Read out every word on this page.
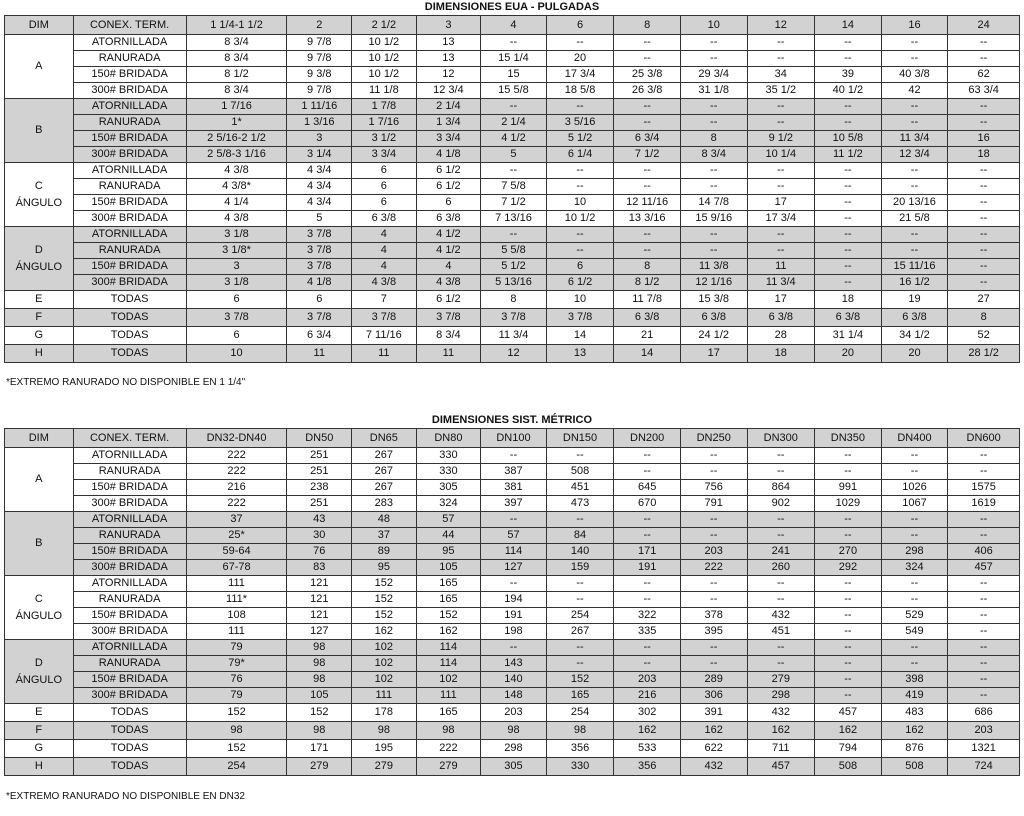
DIMENSIONES EUA - PULGADAS
DIM	CONEX. TERM.	1 1/4-1 1/2	2	2 1/2	3	4	6	8	10	12	14	16	24
A	ATORNILLADA	8 3/4	9 7/8	10 1/2	13	--	--	--	--	--	--	--	--
	RANURADA	8 3/4	9 7/8	10 1/2	13	15 1/4	20	--	--	--	--	--	--
	150# BRIDADA	8 1/2	9 3/8	10 1/2	12	15	17 3/4	25 3/8	29 3/4	34	39	40 3/8	62
	300# BRIDADA	8 3/4	9 7/8	11 1/8	12 3/4	15 5/8	18 5/8	26 3/8	31 1/8	35 1/2	40 1/2	42	63 3/4
B	ATORNILLADA	1 7/16	1 11/16	1 7/8	2 1/4	--	--	--	--	--	--	--	--
	RANURADA	1*	1 3/16	1 7/16	1 3/4	2 1/4	3 5/16	--	--	--	--	--	--
	150# BRIDADA	2 5/16-2 1/2	3	3 1/2	3 3/4	4 1/2	5 1/2	6 3/4	8	9 1/2	10 5/8	11 3/4	16
	300# BRIDADA	2 5/8-3 1/16	3 1/4	3 3/4	4 1/8	5	6 1/4	7 1/2	8 3/4	10 1/4	11 1/2	12 3/4	18
C
ÁNGULO	ATORNILLADA	4 3/8	4 3/4	6	6 1/2	--	--	--	--	--	--	--	--
	RANURADA	4 3/8*	4 3/4	6	6 1/2	7 5/8	--	--	--	--	--	--	--
	150# BRIDADA	4 1/4	4 3/4	6	6	7 1/2	10	12 11/16	14 7/8	17	--	20 13/16	--
	300# BRIDADA	4 3/8	5	6 3/8	6 3/8	7 13/16	10 1/2	13 3/16	15 9/16	17 3/4	--	21 5/8	--
D
ÁNGULO	ATORNILLADA	3 1/8	3 7/8	4	4 1/2	--	--	--	--	--	--	--	--
	RANURADA	3 1/8*	3 7/8	4	4 1/2	5 5/8	--	--	--	--	--	--	--
	150# BRIDADA	3	3 7/8	4	4	5 1/2	6	8	11 3/8	11	--	15 11/16	--
	300# BRIDADA	3 1/8	4 1/8	4 3/8	4 3/8	5 13/16	6 1/2	8 1/2	12 1/16	11 3/4	--	16 1/2	--
E	TODAS	6	6	7	6 1/2	8	10	11 7/8	15 3/8	17	18	19	27
F	TODAS	3 7/8	3 7/8	3 7/8	3 7/8	3 7/8	3 7/8	6 3/8	6 3/8	6 3/8	6 3/8	6 3/8	8
G	TODAS	6	6 3/4	7 11/16	8 3/4	11 3/4	14	21	24 1/2	28	31 1/4	34 1/2	52
H	TODAS	10	11	11	11	12	13	14	17	18	20	20	28 1/2
*EXTREMO RANURADO NO DISPONIBLE EN 1 1/4"
DIMENSIONES SIST. MÉTRICO
DIM	CONEX. TERM.	DN32-DN40	DN50	DN65	DN80	DN100	DN150	DN200	DN250	DN300	DN350	DN400	DN600
A	ATORNILLADA	222	251	267	330	--	--	--	--	--	--	--	--
	RANURADA	222	251	267	330	387	508	--	--	--	--	--	--
	150# BRIDADA	216	238	267	305	381	451	645	756	864	991	1026	1575
	300# BRIDADA	222	251	283	324	397	473	670	791	902	1029	1067	1619
B	ATORNILLADA	37	43	48	57	--	--	--	--	--	--	--	--
	RANURADA	25*	30	37	44	57	84	--	--	--	--	--	--
	150# BRIDADA	59-64	76	89	95	114	140	171	203	241	270	298	406
	300# BRIDADA	67-78	83	95	105	127	159	191	222	260	292	324	457
C
ÁNGULO	ATORNILLADA	111	121	152	165	--	--	--	--	--	--	--	--
	RANURADA	111*	121	152	165	194	--	--	--	--	--	--	--
	150# BRIDADA	108	121	152	152	191	254	322	378	432	--	529	--
	300# BRIDADA	111	127	162	162	198	267	335	395	451	--	549	--
D
ÁNGULO	ATORNILLADA	79	98	102	114	--	--	--	--	--	--	--	--
	RANURADA	79*	98	102	114	143	--	--	--	--	--	--	--
	150# BRIDADA	76	98	102	102	140	152	203	289	279	--	398	--
	300# BRIDADA	79	105	111	111	148	165	216	306	298	--	419	--
E	TODAS	152	152	178	165	203	254	302	391	432	457	483	686
F	TODAS	98	98	98	98	98	98	162	162	162	162	162	203
G	TODAS	152	171	195	222	298	356	533	622	711	794	876	1321
H	TODAS	254	279	279	279	305	330	356	432	457	508	508	724
*EXTREMO RANURADO NO DISPONIBLE EN DN32
